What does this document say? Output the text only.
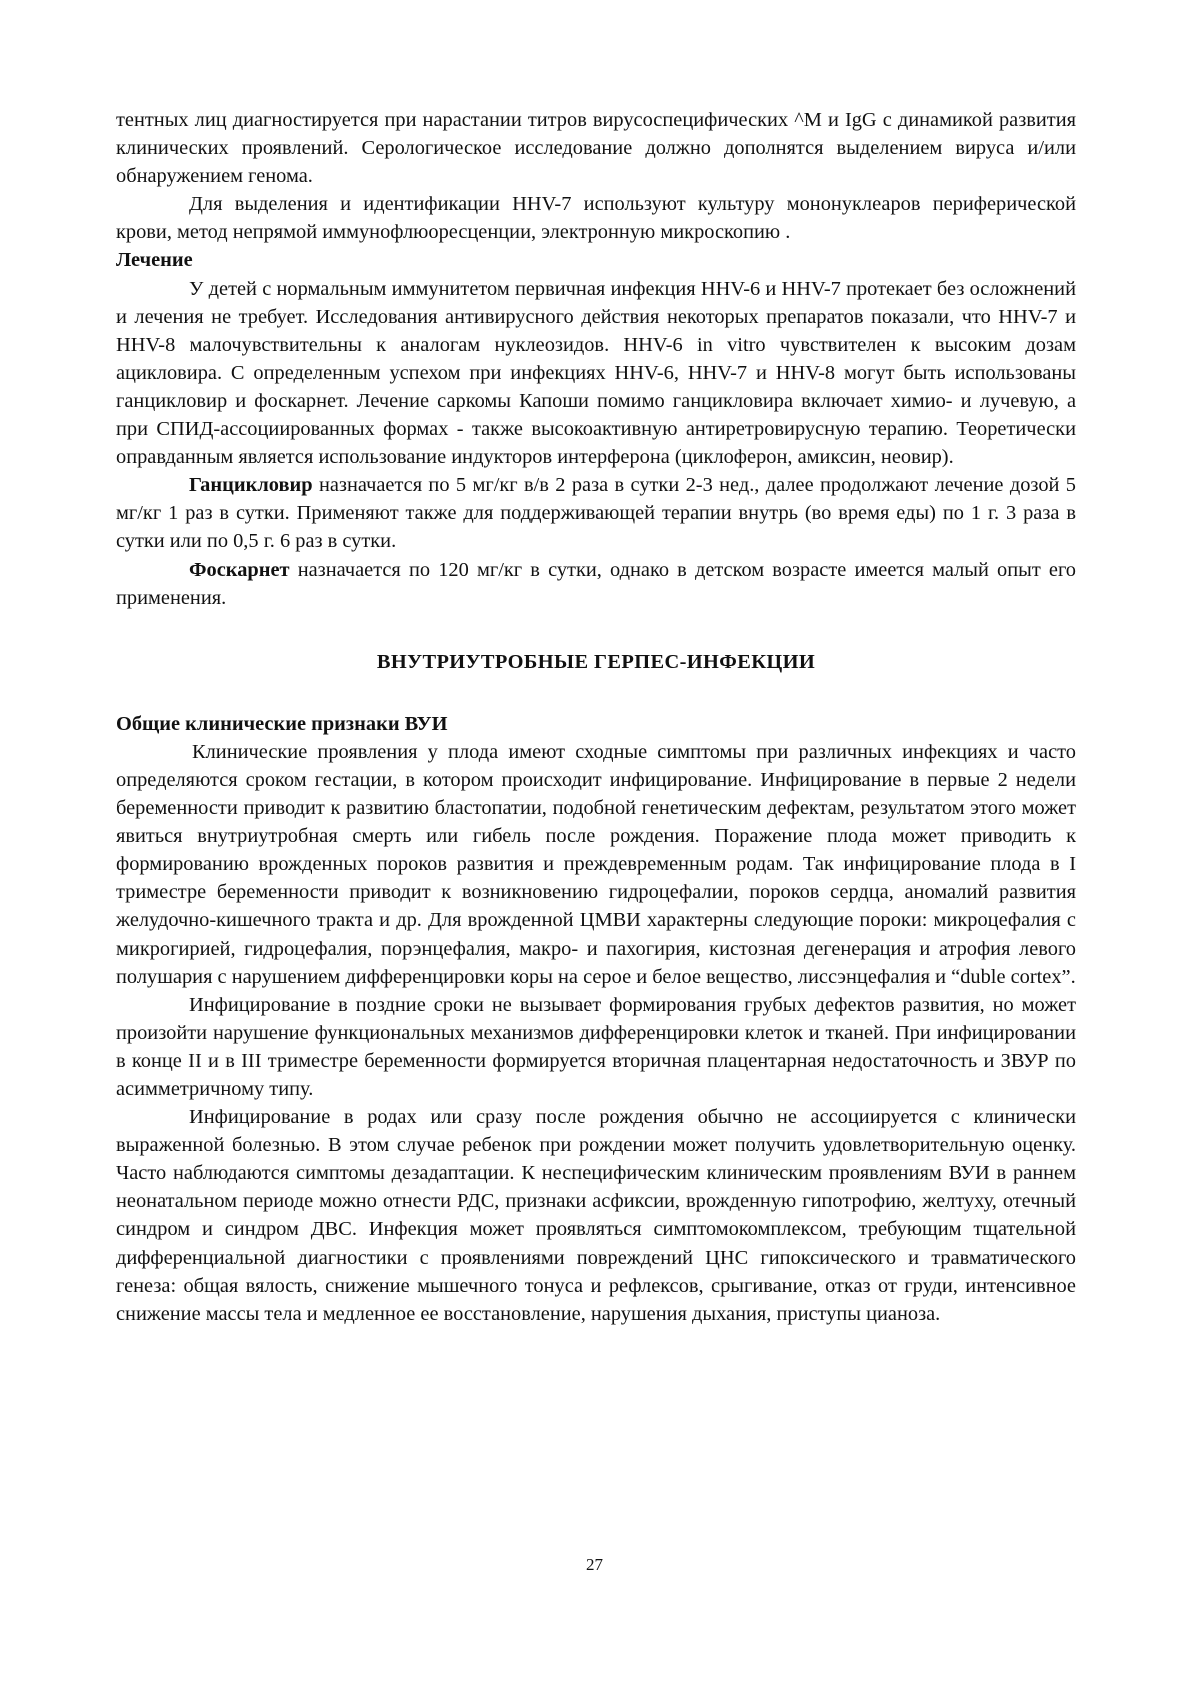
тентных лиц диагностируется при нарастании титров вирусоспецифических ^M и IgG с динамикой развития клинических проявлений. Серологическое исследование должно дополнятся выделением вируса и/или обнаружением генома.

Для выделения и идентификации HHV-7 используют культуру мононуклеаров периферической крови, метод непрямой иммунофлюоресценции, электронную микроскопию .

Лечение

У детей с нормальным иммунитетом первичная инфекция HHV-6 и HHV-7 протекает без осложнений и лечения не требует. Исследования антивирусного действия некоторых препаратов показали, что HHV-7 и HHV-8 малочувствительны к аналогам нуклеозидов. HHV-6 in vitro чувствителен к высоким дозам ацикловира. С определенным успехом при инфекциях HHV-6, HHV-7 и HHV-8 могут быть использованы ганцикловир и фоскарнет. Лечение саркомы Капоши помимо ганцикловира включает химио- и лучевую, а при СПИД-ассоциированных формах - также высокоактивную антиретровирусную терапию. Теоретически оправданным является использование индукторов интерферона (циклоферон, амиксин, неовир).

Ганцикловир назначается по 5 мг/кг в/в 2 раза в сутки 2-3 нед., далее продолжают лечение дозой 5 мг/кг 1 раз в сутки. Применяют также для поддерживающей терапии внутрь (во время еды) по 1 г. 3 раза в сутки или по 0,5 г. 6 раз в сутки.

Фоскарнет назначается по 120 мг/кг в сутки, однако в детском возрасте имеется малый опыт его применения.

ВНУТРИУТРОБНЫЕ ГЕРПЕС-ИНФЕКЦИИ

Общие клинические признаки ВУИ

Клинические проявления у плода имеют сходные симптомы при различных инфекциях и часто определяются сроком гестации, в котором происходит инфицирование. Инфицирование в первые 2 недели беременности приводит к развитию бластопатии, подобной генетическим дефектам, результатом этого может явиться внутриутробная смерть или гибель после рождения. Поражение плода может приводить к формированию врожденных пороков развития и преждевременным родам. Так инфицирование плода в I триместре беременности приводит к возникновению гидроцефалии, пороков сердца, аномалий развития желудочно-кишечного тракта и др. Для врожденной ЦМВИ характерны следующие пороки: микроцефалия с микрогирией, гидроцефалия, порэнцефалия, макро- и пахогирия, кистозная дегенерация и атрофия левого полушария с нарушением дифференцировки коры на серое и белое вещество, лиссэнцефалия и “duble cortex”.

Инфицирование в поздние сроки не вызывает формирования грубых дефектов развития, но может произойти нарушение функциональных механизмов дифференцировки клеток и тканей. При инфицировании в конце II и в III триместре беременности формируется вторичная плацентарная недостаточность и ЗВУР по асимметричному типу.

Инфицирование в родах или сразу после рождения обычно не ассоциируется с клинически выраженной болезнью. В этом случае ребенок при рождении может получить удовлетворительную оценку. Часто наблюдаются симптомы дезадаптации. К неспецифическим клиническим проявлениям ВУИ в раннем неонатальном периоде можно отнести РДС, признаки асфиксии, врожденную гипотрофию, желтуху, отечный синдром и синдром ДВС. Инфекция может проявляться симптомокомплексом, требующим тщательной дифференциальной диагностики с проявлениями повреждений ЦНС гипоксического и травматического генеза: общая вялость, снижение мышечного тонуса и рефлексов, срыгивание, отказ от груди, интенсивное снижение массы тела и медленное ее восстановление, нарушения дыхания, приступы цианоза.

27
